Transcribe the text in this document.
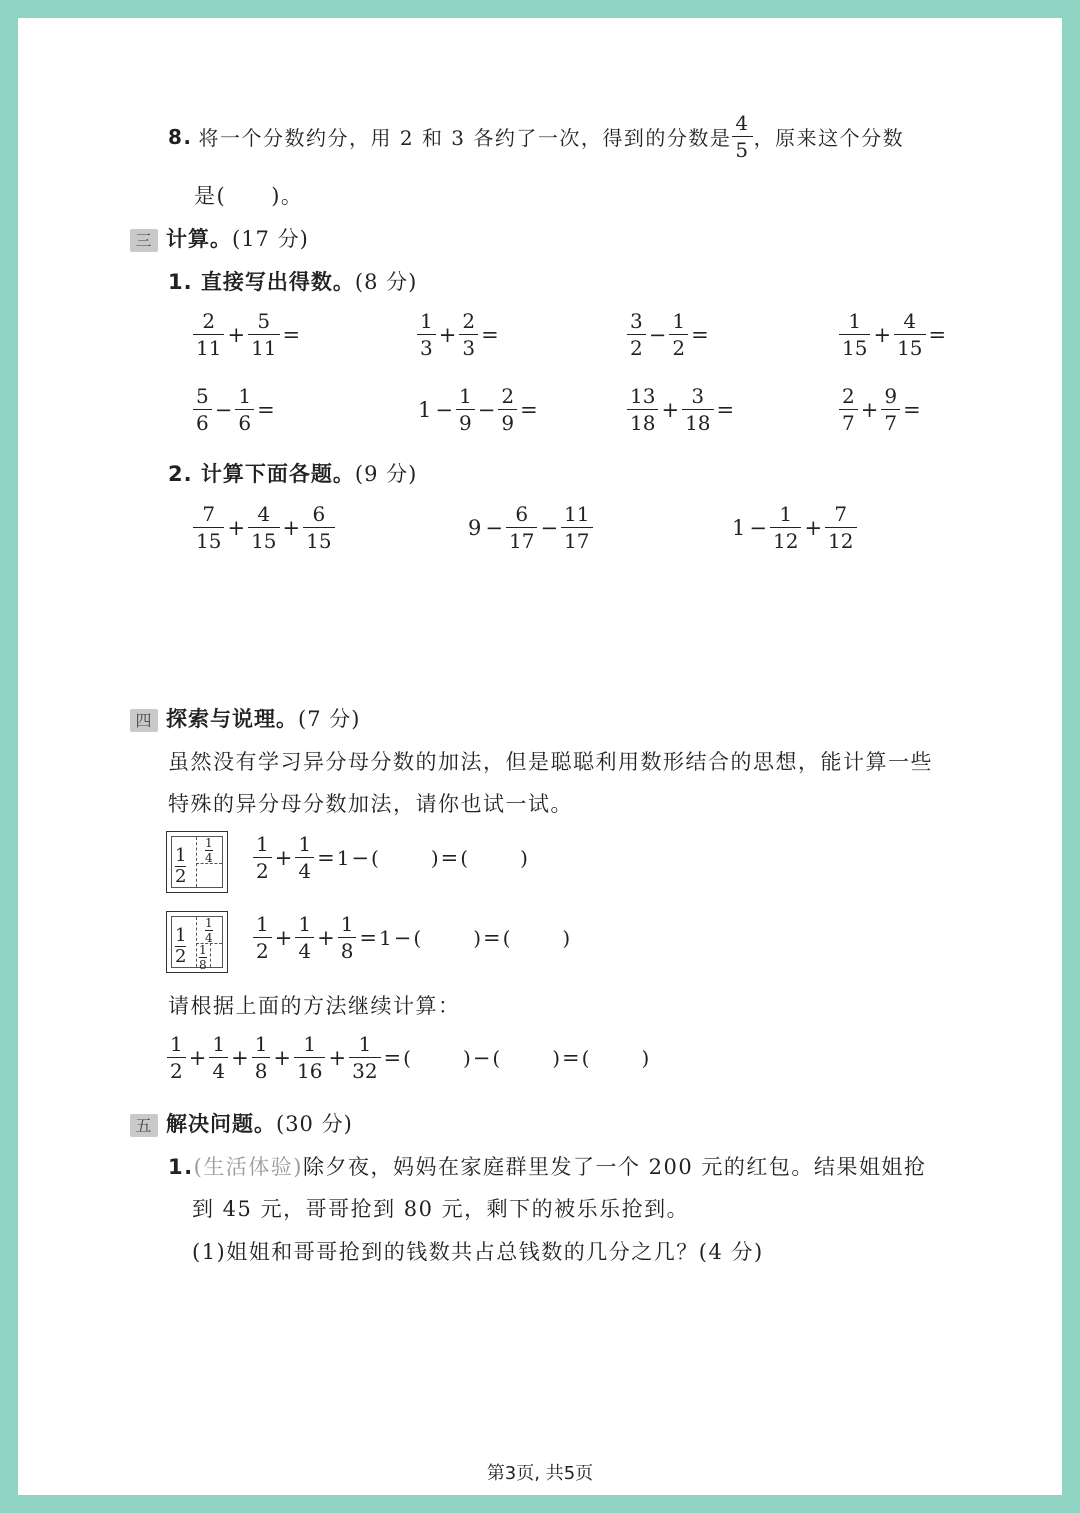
8. 将一个分数约分，用 2 和 3 各约了一次，得到的分数是 $\frac{4}{5}$ ，原来这个分数
是(　　)。
三 计算。(17 分)
1. 直接写出得数。(8 分)
$\frac{2}{11} + \frac{5}{11}$ =	$\frac{1}{3} + \frac{2}{3}$ =	$\frac{3}{2} - \frac{1}{2}$ =	$\frac{1}{15} + \frac{4}{15}$ =
$\frac{5}{6} - \frac{1}{6}$ =	$1 - \frac{1}{9} - \frac{2}{9}$ =	$\frac{13}{18} + \frac{3}{18}$ =	$\frac{2}{7} + \frac{9}{7}$ =
2. 计算下面各题。(9 分)
$\frac{7}{15} + \frac{4}{15} + \frac{6}{15}$	$9 - \frac{6}{17} - \frac{11}{17}$	$1 - \frac{1}{12} + \frac{7}{12}$
四 探索与说理。(7 分)
虽然没有学习异分母分数的加法，但是聪聪利用数形结合的思想，能计算一些
特殊的异分母分数加法，请你也试一试。
1
2
1
$4 \frac{1}{2} + \frac{1}{4} = 1$ − (	) = (	)
1
2
1
4
1
8
$\frac{1}{2} + \frac{1}{4} + \frac{1}{8} = 1$ − (	) = (	)
请根据上面的方法继续计算：
$\frac{1}{2} + \frac{1}{4} + \frac{1}{8} + \frac{1}{16} + \frac{1}{32}$ = (	) − (	) = (	)
五 解决问题。(30 分)
1.(生活体验)除夕夜，妈妈在家庭群里发了一个 200 元的红包。结果姐姐抢
到 45 元，哥哥抢到 80 元，剩下的被乐乐抢到。
(1)姐姐和哥哥抢到的钱数共占总钱数的几分之几？(4 分)
第3页, 共5页
